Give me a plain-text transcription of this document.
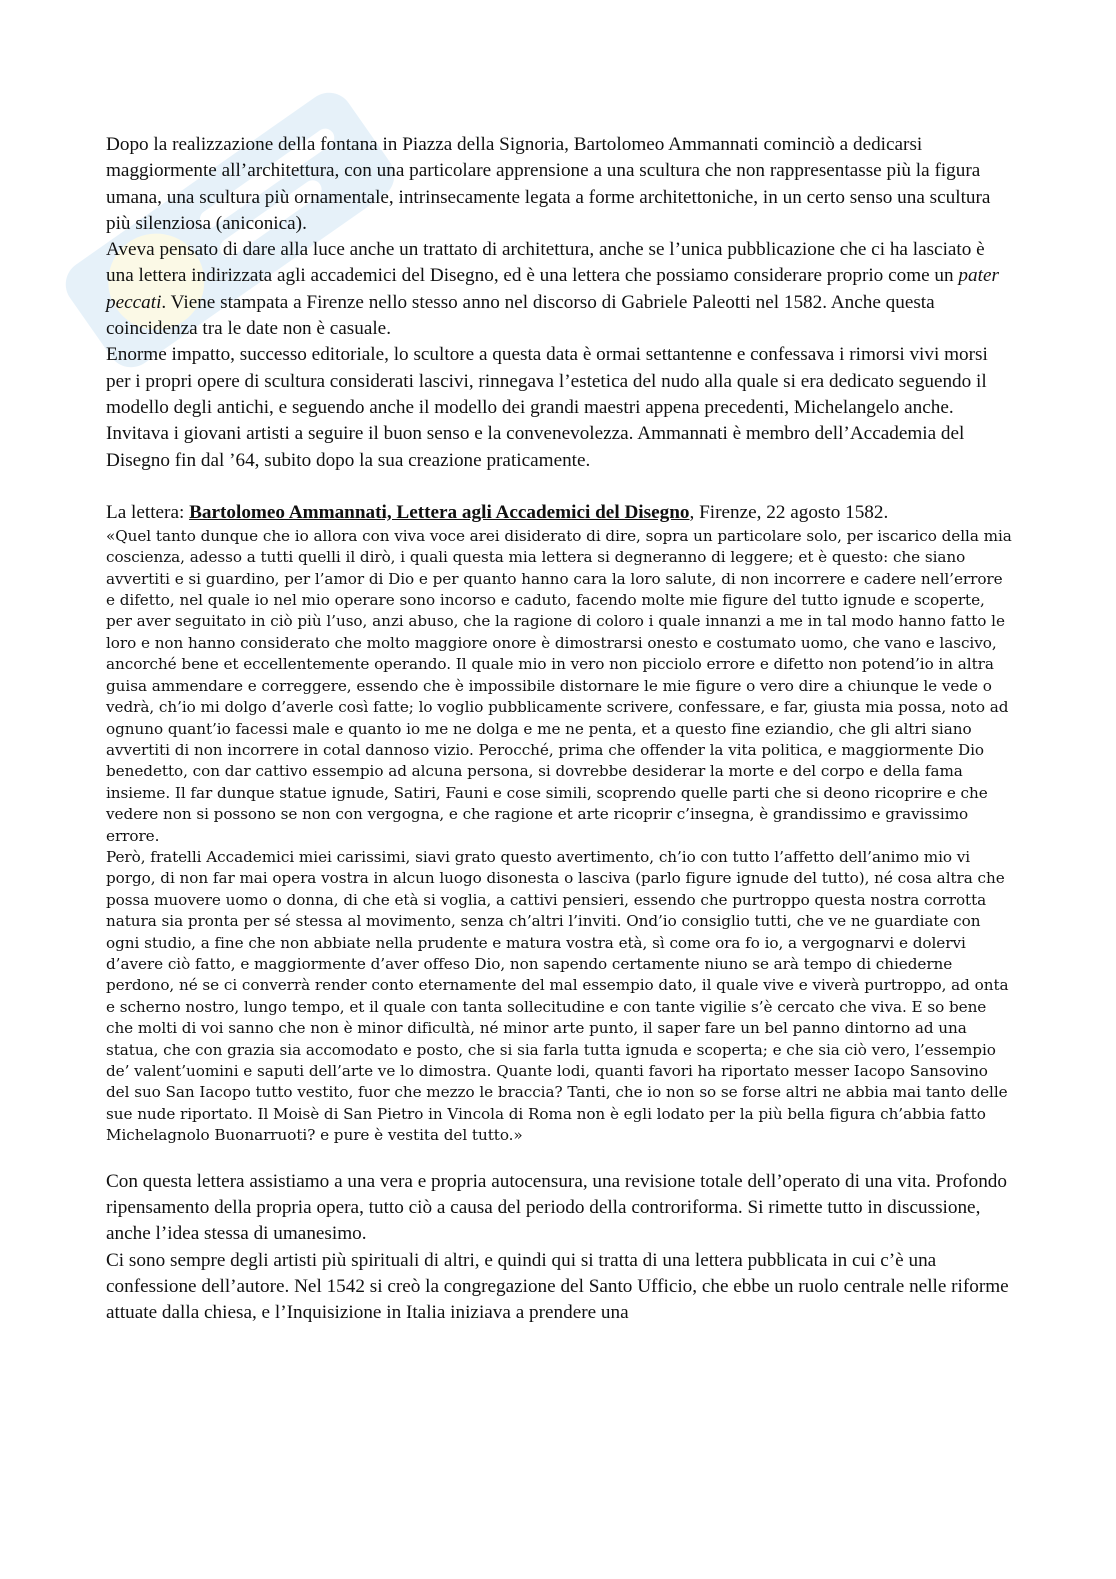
Dopo la realizzazione della fontana in Piazza della Signoria, Bartolomeo Ammannati cominciò a dedicarsi maggiormente all’architettura, con una particolare apprensione a una scultura che non rappresentasse più la figura umana, una scultura più ornamentale, intrinsecamente legata a forme architettoniche, in un certo senso una scultura più silenziosa (aniconica).

Aveva pensato di dare alla luce anche un trattato di architettura, anche se l’unica pubblicazione che ci ha lasciato è una lettera indirizzata agli accademici del Disegno, ed è una lettera che possiamo considerare proprio come un pater peccati. Viene stampata a Firenze nello stesso anno nel discorso di Gabriele Paleotti nel 1582. Anche questa coincidenza tra le date non è casuale.

Enorme impatto, successo editoriale, lo scultore a questa data è ormai settantenne e confessava i rimorsi vivi morsi per i propri opere di scultura considerati lascivi, rinnegava l’estetica del nudo alla quale si era dedicato seguendo il modello degli antichi, e seguendo anche il modello dei grandi maestri appena precedenti, Michelangelo anche. Invitava i giovani artisti a seguire il buon senso e la convenevolezza. Ammannati è membro dell’Accademia del Disegno fin dal ’64, subito dopo la sua creazione praticamente.

La lettera: Bartolomeo Ammannati, Lettera agli Accademici del Disegno, Firenze, 22 agosto 1582.

«Quel tanto dunque che io allora con viva voce arei disiderato di dire, sopra un particolare solo, per iscarico della mia coscienza, adesso a tutti quelli il dirò, i quali questa mia lettera si degneranno di leggere; et è questo: che siano avvertiti e si guardino, per l’amor di Dio e per quanto hanno cara la loro salute, di non incorrere e cadere nell’errore e difetto, nel quale io nel mio operare sono incorso e caduto, facendo molte mie figure del tutto ignude e scoperte, per aver seguitato in ciò più l’uso, anzi abuso, che la ragione di coloro i quale innanzi a me in tal modo hanno fatto le loro e non hanno considerato che molto maggiore onore è dimostrarsi onesto e costumato uomo, che vano e lascivo, ancorché bene et eccellentemente operando. Il quale mio in vero non picciolo errore e difetto non potend’io in altra guisa ammendare e correggere, essendo che è impossibile distornare le mie figure o vero dire a chiunque le vede o vedrà, ch’io mi dolgo d’averle così fatte; lo voglio pubblicamente scrivere, confessare, e far, giusta mia possa, noto ad ognuno quant’io facessi male e quanto io me ne dolga e me ne penta, et a questo fine eziandio, che gli altri siano avvertiti di non incorrere in cotal dannoso vizio. Perocché, prima che offender la vita politica, e maggiormente Dio benedetto, con dar cattivo essempio ad alcuna persona, si dovrebbe desiderar la morte e del corpo e della fama insieme. Il far dunque statue ignude, Satiri, Fauni e cose simili, scoprendo quelle parti che si deono ricoprire e che vedere non si possono se non con vergogna, e che ragione et arte ricoprir c’insegna, è grandissimo e gravissimo errore.

Però, fratelli Accademici miei carissimi, siavi grato questo avertimento, ch’io con tutto l’affetto dell’animo mio vi porgo, di non far mai opera vostra in alcun luogo disonesta o lasciva (parlo figure ignude del tutto), né cosa altra che possa muovere uomo o donna, di che età si voglia, a cattivi pensieri, essendo che purtroppo questa nostra corrotta natura sia pronta per sé stessa al movimento, senza ch’altri l’inviti. Ond’io consiglio tutti, che ve ne guardiate con ogni studio, a fine che non abbiate nella prudente e matura vostra età, sì come ora fo io, a vergognarvi e dolervi d’avere ciò fatto, e maggiormente d’aver offeso Dio, non sapendo certamente niuno se arà tempo di chiederne perdono, né se ci converrà render conto eternamente del mal essempio dato, il quale vive e viverà purtroppo, ad onta e scherno nostro, lungo tempo, et il quale con tanta sollecitudine e con tante vigilie s’è cercato che viva. E so bene che molti di voi sanno che non è minor dificultà, né minor arte punto, il saper fare un bel panno dintorno ad una statua, che con grazia sia accomodato e posto, che si sia farla tutta ignuda e scoperta; e che sia ciò vero, l’essempio de’ valent’uomini e saputi dell’arte ve lo dimostra. Quante lodi, quanti favori ha riportato messer Iacopo Sansovino del suo San Iacopo tutto vestito, fuor che mezzo le braccia? Tanti, che io non so se forse altri ne abbia mai tanto delle sue nude riportato. Il Moisè di San Pietro in Vincola di Roma non è egli lodato per la più bella figura ch’abbia fatto Michelagnolo Buonarruoti? e pure è vestita del tutto.»

Con questa lettera assistiamo a una vera e propria autocensura, una revisione totale dell’operato di una vita. Profondo ripensamento della propria opera, tutto ciò a causa del periodo della controriforma. Si rimette tutto in discussione, anche l’idea stessa di umanesimo.

Ci sono sempre degli artisti più spirituali di altri, e quindi qui si tratta di una lettera pubblicata in cui c’è una confessione dell’autore. Nel 1542 si creò la congregazione del Santo Ufficio, che ebbe un ruolo centrale nelle riforme attuate dalla chiesa, e l’Inquisizione in Italia iniziava a prendere una
